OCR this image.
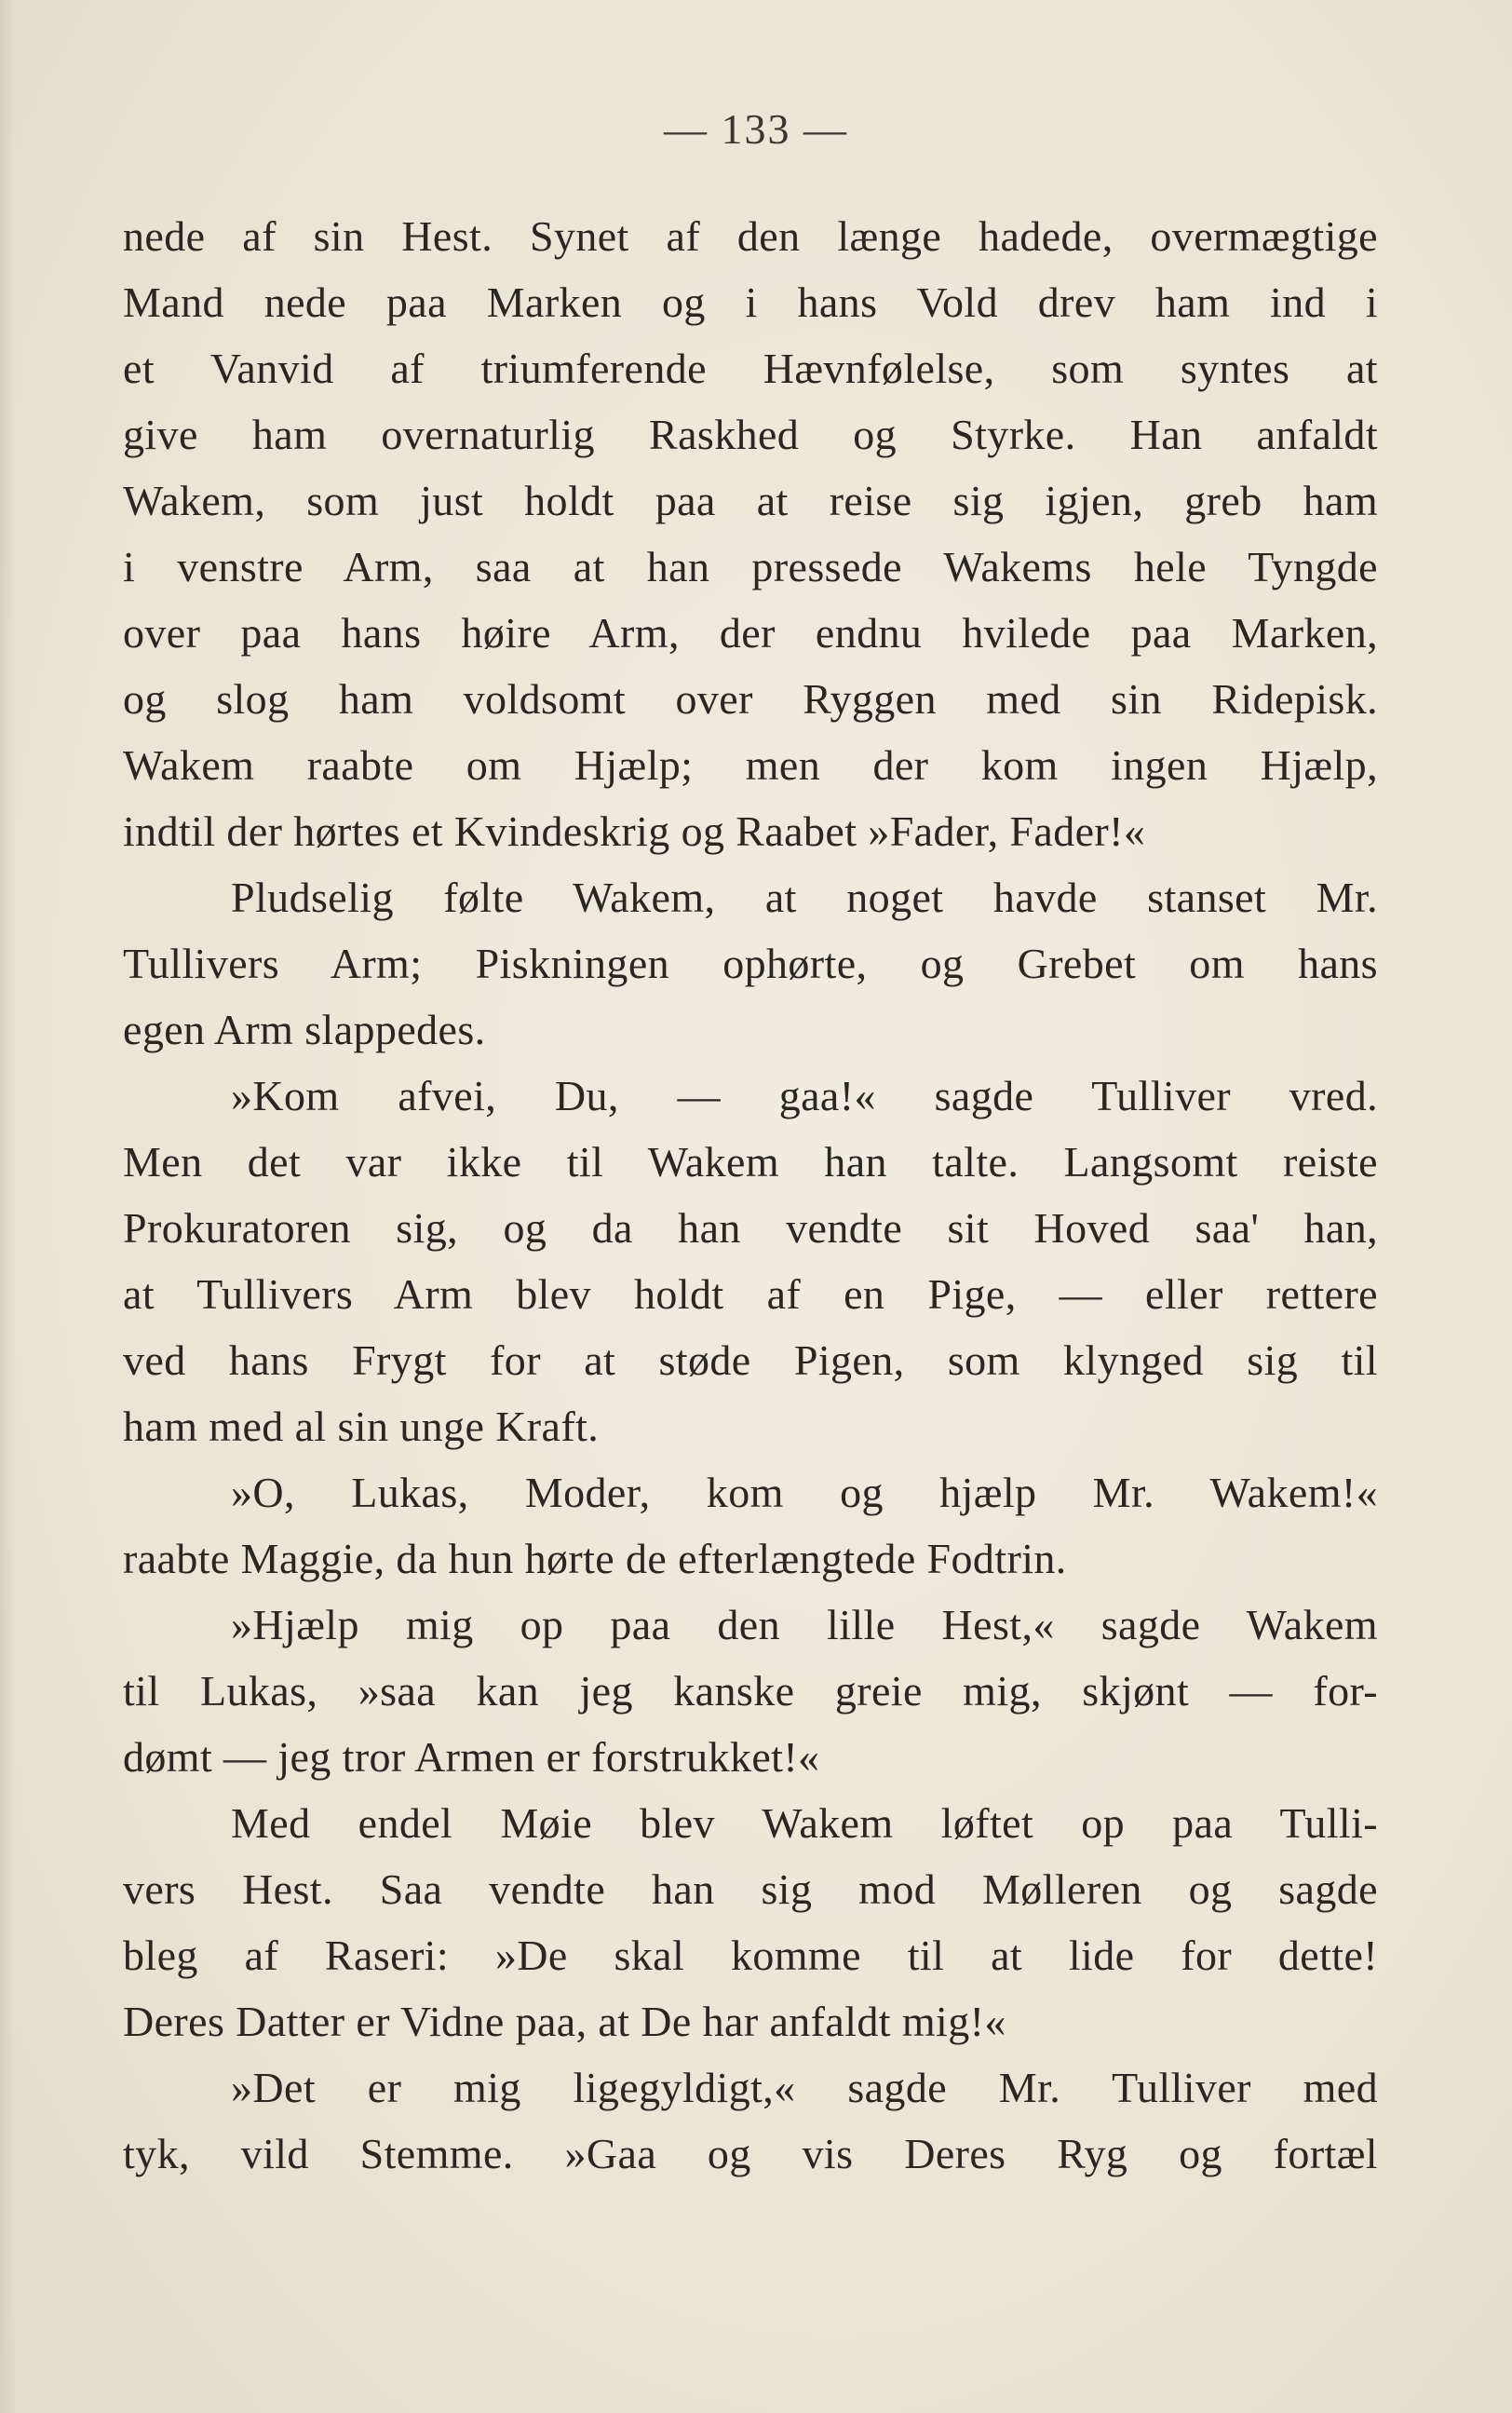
— 133 —
nede af sin Hest. Synet af den længe hadede, overmægtige
Mand nede paa Marken og i hans Vold drev ham ind i
et Vanvid af triumferende Hævnfølelse, som syntes at
give ham overnaturlig Raskhed og Styrke. Han anfaldt
Wakem, som just holdt paa at reise sig igjen, greb ham
i venstre Arm, saa at han pressede Wakems hele Tyngde
over paa hans høire Arm, der endnu hvilede paa Marken,
og slog ham voldsomt over Ryggen med sin Ridepisk.
Wakem raabte om Hjælp; men der kom ingen Hjælp,
indtil der hørtes et Kvindeskrig og Raabet »Fader, Fader!«
Pludselig følte Wakem, at noget havde stanset Mr.
Tullivers Arm; Piskningen ophørte, og Grebet om hans
egen Arm slappedes.
»Kom afvei, Du, — gaa!« sagde Tulliver vred.
Men det var ikke til Wakem han talte. Langsomt reiste
Prokuratoren sig, og da han vendte sit Hoved saa' han,
at Tullivers Arm blev holdt af en Pige, — eller rettere
ved hans Frygt for at støde Pigen, som klynged sig til
ham med al sin unge Kraft.
»O, Lukas, Moder, kom og hjælp Mr. Wakem!«
raabte Maggie, da hun hørte de efterlængtede Fodtrin.
»Hjælp mig op paa den lille Hest,« sagde Wakem
til Lukas, »saa kan jeg kanske greie mig, skjønt — for-
dømt — jeg tror Armen er forstrukket!«
Med endel Møie blev Wakem løftet op paa Tulli-
vers Hest. Saa vendte han sig mod Mølleren og sagde
bleg af Raseri: »De skal komme til at lide for dette!
Deres Datter er Vidne paa, at De har anfaldt mig!«
»Det er mig ligegyldigt,« sagde Mr. Tulliver med
tyk, vild Stemme. »Gaa og vis Deres Ryg og fortæl
